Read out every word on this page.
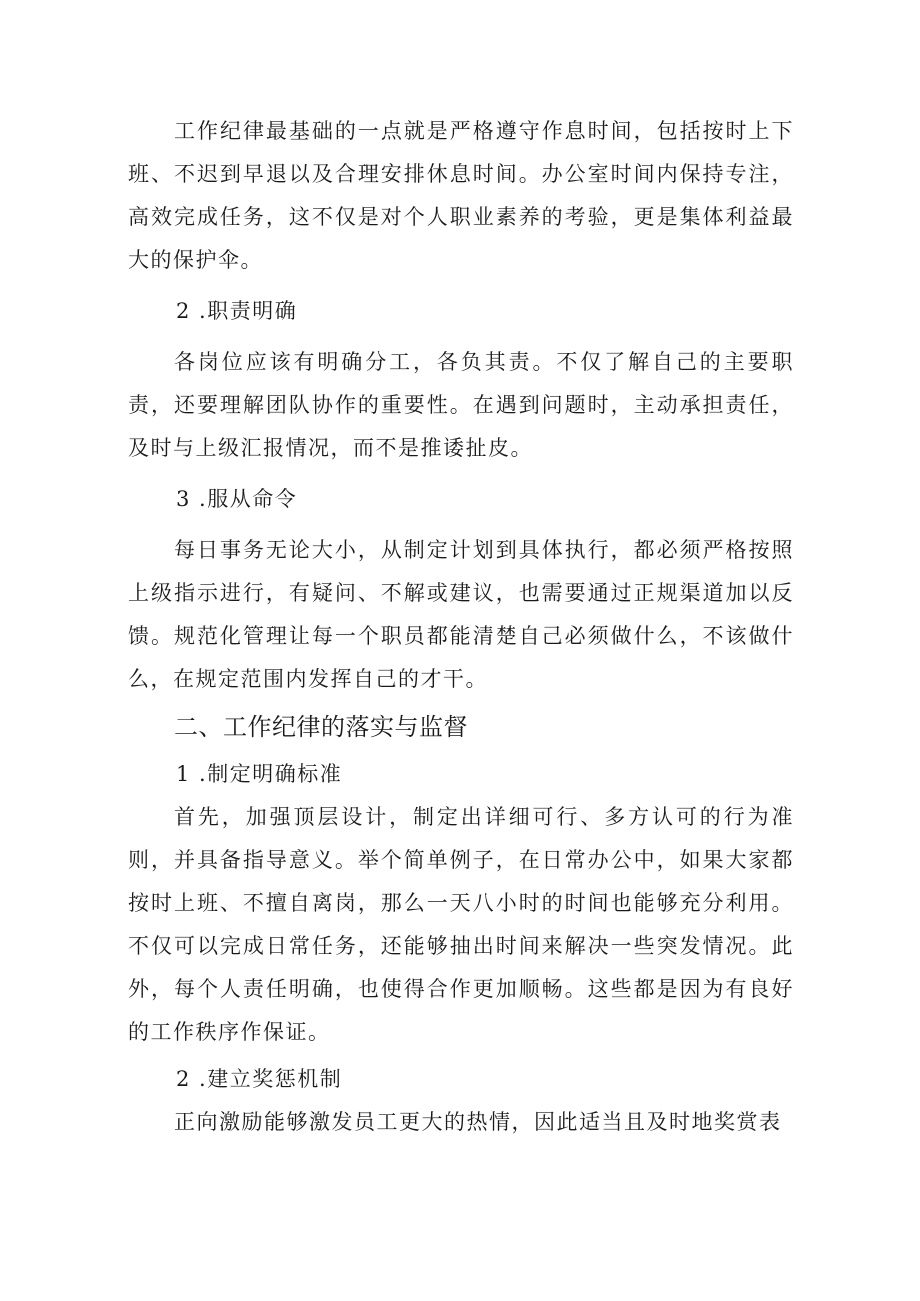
工作纪律最基础的一点就是严格遵守作息时间，包括按时上下班、不迟到早退以及合理安排休息时间。办公室时间内保持专注，高效完成任务，这不仅是对个人职业素养的考验，更是集体利益最大的保护伞。

2 .职责明确

各岗位应该有明确分工，各负其责。不仅了解自己的主要职责，还要理解团队协作的重要性。在遇到问题时，主动承担责任，及时与上级汇报情况，而不是推诿扯皮。

3 .服从命令

每日事务无论大小，从制定计划到具体执行，都必须严格按照上级指示进行，有疑问、不解或建议，也需要通过正规渠道加以反馈。规范化管理让每一个职员都能清楚自己必须做什么，不该做什么，在规定范围内发挥自己的才干。

二、工作纪律的落实与监督

1 .制定明确标准

首先，加强顶层设计，制定出详细可行、多方认可的行为准则，并具备指导意义。举个简单例子，在日常办公中，如果大家都按时上班、不擅自离岗，那么一天八小时的时间也能够充分利用。不仅可以完成日常任务，还能够抽出时间来解决一些突发情况。此外，每个人责任明确，也使得合作更加顺畅。这些都是因为有良好的工作秩序作保证。

2 .建立奖惩机制

正向激励能够激发员工更大的热情，因此适当且及时地奖赏表
